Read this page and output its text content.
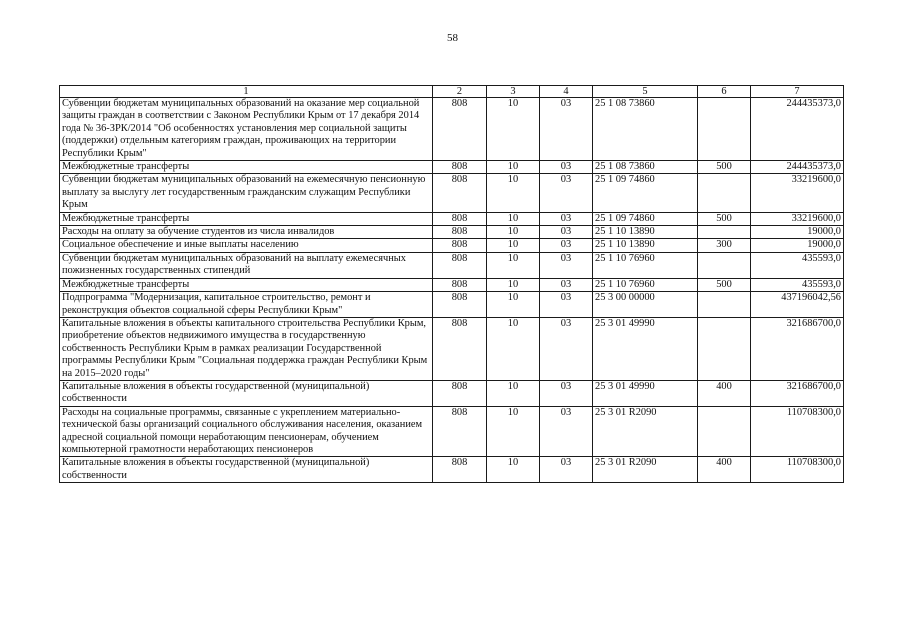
58
1	2	3	4	5	6	7
Субвенции бюджетам муниципальных образований на оказание мер социальной защиты граждан в соответствии с Законом Республики Крым от 17 декабря 2014 года № 36-ЗРК/2014 "Об особенностях установления мер социальной защиты (поддержки) отдельным категориям граждан, проживающих на территории Республики Крым"	808	10	03	25 1 08 73860		244435373,0
Межбюджетные трансферты	808	10	03	25 1 08 73860	500	244435373,0
Субвенции бюджетам муниципальных образований на ежемесячную пенсионную выплату за выслугу лет государственным гражданским служащим Республики Крым	808	10	03	25 1 09 74860		33219600,0
Межбюджетные трансферты	808	10	03	25 1 09 74860	500	33219600,0
Расходы на оплату за обучение студентов из числа инвалидов	808	10	03	25 1 10 13890		19000,0
Социальное обеспечение и иные выплаты населению	808	10	03	25 1 10 13890	300	19000,0
Субвенции бюджетам муниципальных образований на выплату ежемесячных пожизненных государственных стипендий	808	10	03	25 1 10 76960		435593,0
Межбюджетные трансферты	808	10	03	25 1 10 76960	500	435593,0
Подпрограмма "Модернизация, капитальное строительство, ремонт и реконструкция объектов социальной сферы Республики Крым"	808	10	03	25 3 00 00000		437196042,56
Капитальные вложения в объекты капитального строительства Республики Крым, приобретение объектов недвижимого имущества в государственную собственность Республики Крым в рамках реализации Государственной программы Республики Крым "Социальная поддержка граждан Республики Крым на 2015–2020 годы"	808	10	03	25 3 01 49990		321686700,0
Капитальные вложения в объекты государственной (муниципальной) собственности	808	10	03	25 3 01 49990	400	321686700,0
Расходы на социальные программы, связанные с укреплением материально-технической базы организаций социального обслуживания населения, оказанием адресной социальной помощи неработающим пенсионерам, обучением компьютерной грамотности неработающих пенсионеров	808	10	03	25 3 01 R2090		110708300,0
Капитальные вложения в объекты государственной (муниципальной) собственности	808	10	03	25 3 01 R2090	400	110708300,0
